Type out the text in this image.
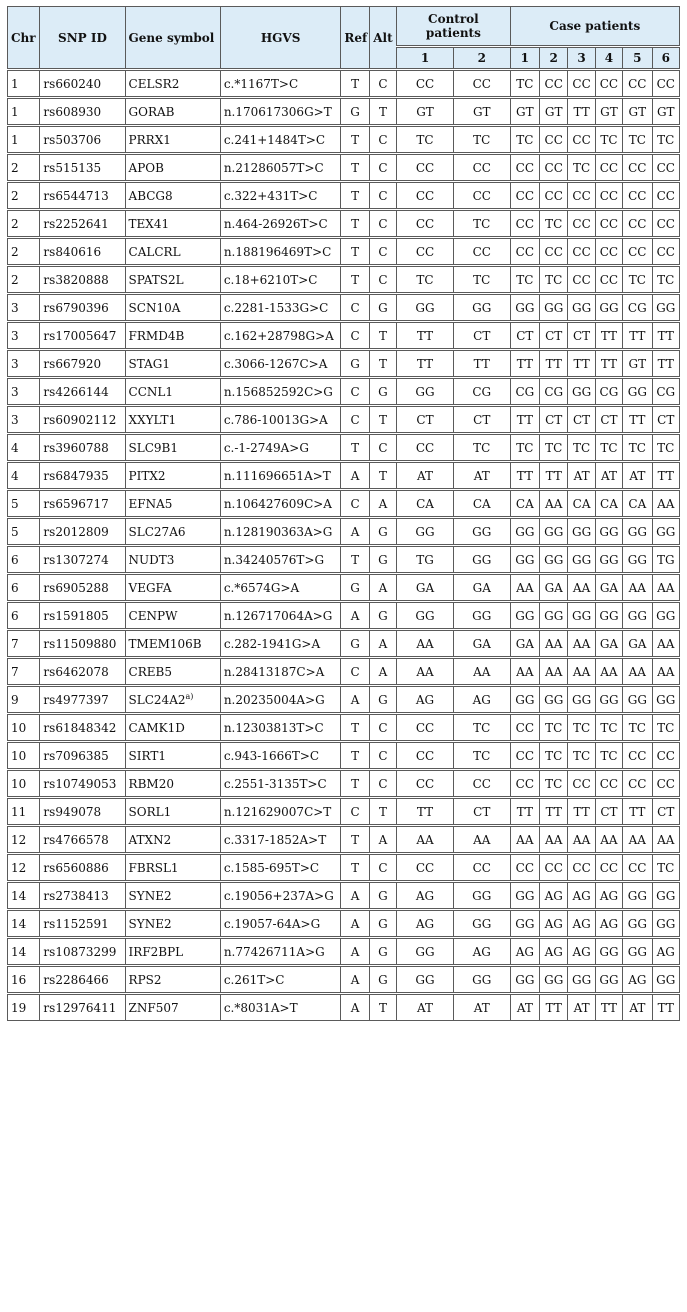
Chr	SNP ID	Gene symbol	HGVS	Ref	Alt	Control patients		Case patients					
						1	2	1	2	3	4	5	6
1	rs660240	CELSR2	c.*1167T>C	T	C	CC	CC	TC	CC	CC	CC	CC	CC
1	rs608930	GORAB	n.170617306G>T	G	T	GT	GT	GT	GT	TT	GT	GT	GT
1	rs503706	PRRX1	c.241+1484T>C	T	C	TC	TC	TC	CC	CC	TC	TC	TC
2	rs515135	APOB	n.21286057T>C	T	C	CC	CC	CC	CC	TC	CC	CC	CC
2	rs6544713	ABCG8	c.322+431T>C	T	C	CC	CC	CC	CC	CC	CC	CC	CC
2	rs2252641	TEX41	n.464-26926T>C	T	C	CC	TC	CC	TC	CC	CC	CC	CC
2	rs840616	CALCRL	n.188196469T>C	T	C	CC	CC	CC	CC	CC	CC	CC	CC
2	rs3820888	SPATS2L	c.18+6210T>C	T	C	TC	TC	TC	TC	CC	CC	TC	TC
3	rs6790396	SCN10A	c.2281-1533G>C	C	G	GG	GG	GG	GG	GG	GG	CG	GG
3	rs17005647	FRMD4B	c.162+28798G>A	C	T	TT	CT	CT	CT	CT	TT	TT	TT
3	rs667920	STAG1	c.3066-1267C>A	G	T	TT	TT	TT	TT	TT	TT	GT	TT
3	rs4266144	CCNL1	n.156852592C>G	C	G	GG	CG	CG	CG	GG	CG	GG	CG
3	rs60902112	XXYLT1	c.786-10013G>A	C	T	CT	CT	TT	CT	CT	CT	TT	CT
4	rs3960788	SLC9B1	c.-1-2749A>G	T	C	CC	TC	TC	TC	TC	TC	TC	TC
4	rs6847935	PITX2	n.111696651A>T	A	T	AT	AT	TT	TT	AT	AT	AT	TT
5	rs6596717	EFNA5	n.106427609C>A	C	A	CA	CA	CA	AA	CA	CA	CA	AA
5	rs2012809	SLC27A6	n.128190363A>G	A	G	GG	GG	GG	GG	GG	GG	GG	GG
6	rs1307274	NUDT3	n.34240576T>G	T	G	TG	GG	GG	GG	GG	GG	GG	TG
6	rs6905288	VEGFA	c.*6574G>A	G	A	GA	GA	AA	GA	AA	GA	AA	AA
6	rs1591805	CENPW	n.126717064A>G	A	G	GG	GG	GG	GG	GG	GG	GG	GG
7	rs11509880	TMEM106B	c.282-1941G>A	G	A	AA	GA	GA	AA	AA	GA	GA	AA
7	rs6462078	CREB5	n.28413187C>A	C	A	AA	AA	AA	AA	AA	AA	AA	AA
9	rs4977397	SLC24A2$^{a)}$	n.20235004A>G	A	G	AG	AG	GG	GG	GG	GG	GG	GG
10	rs61848342	CAMK1D	n.12303813T>C	T	C	CC	TC	CC	TC	TC	TC	TC	TC
10	rs7096385	SIRT1	c.943-1666T>C	T	C	CC	TC	CC	TC	TC	TC	CC	CC
10	rs10749053	RBM20	c.2551-3135T>C	T	C	CC	CC	CC	TC	CC	CC	CC	CC
11	rs949078	SORL1	n.121629007C>T	C	T	TT	CT	TT	TT	TT	CT	TT	CT
12	rs4766578	ATXN2	c.3317-1852A>T	T	A	AA	AA	AA	AA	AA	AA	AA	AA
12	rs6560886	FBRSL1	c.1585-695T>C	T	C	CC	CC	CC	CC	CC	CC	CC	TC
14	rs2738413	SYNE2	c.19056+237A>G	A	G	AG	GG	GG	AG	AG	AG	GG	GG
14	rs1152591	SYNE2	c.19057-64A>G	A	G	AG	GG	GG	AG	AG	AG	GG	GG
14	rs10873299	IRF2BPL	n.77426711A>G	A	G	GG	AG	AG	AG	AG	GG	GG	AG
16	rs2286466	RPS2	c.261T>C	A	G	GG	GG	GG	GG	GG	GG	AG	GG
19	rs12976411	ZNF507	c.*8031A>T	A	T	AT	AT	AT	TT	AT	TT	AT	TT
